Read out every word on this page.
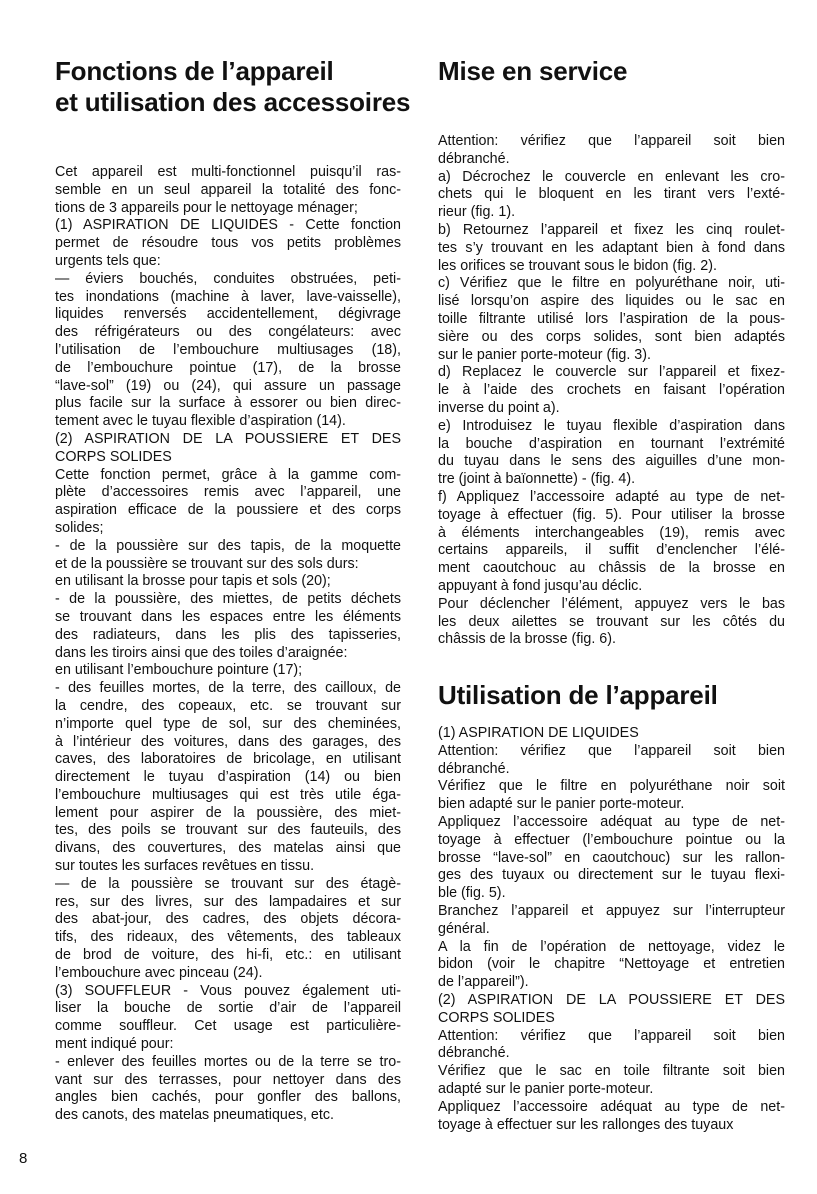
Fonctions de l’appareil
et utilisation des accessoires
Cet appareil est multi-fonctionnel puisqu’il ras-
semble en un seul appareil la totalité des fonc-
tions de 3 appareils pour le nettoyage ménager;
(1) ASPIRATION DE LIQUIDES - Cette fonction
permet de résoudre tous vos petits problèmes
urgents tels que:
— éviers bouchés, conduites obstruées, peti-
tes inondations (machine à laver, lave-vaisselle),
liquides renversés accidentellement, dégivrage
des réfrigérateurs ou des congélateurs: avec
l’utilisation de l’embouchure multiusages (18),
de l’embouchure pointue (17), de la brosse
“lave-sol” (19) ou (24), qui assure un passage
plus facile sur la surface à essorer ou bien direc-
tement avec le tuyau flexible d’aspiration (14).
(2) ASPIRATION DE LA POUSSIERE ET DES
CORPS SOLIDES
Cette fonction permet, grâce à la gamme com-
plète d’accessoires remis avec l’appareil, une
aspiration efficace de la poussiere et des corps
solides;
- de la poussière sur des tapis, de la moquette
et de la poussière se trouvant sur des sols durs:
en utilisant la brosse pour tapis et sols (20);
- de la poussière, des miettes, de petits déchets
se trouvant dans les espaces entre les éléments
des radiateurs, dans les plis des tapisseries,
dans les tiroirs ainsi que des toiles d’araignée:
en utilisant l’embouchure pointure (17);
- des feuilles mortes, de la terre, des cailloux, de
la cendre, des copeaux, etc. se trouvant sur
n’importe quel type de sol, sur des cheminées,
à l’intérieur des voitures, dans des garages, des
caves, des laboratoires de bricolage, en utilisant
directement le tuyau d’aspiration (14) ou bien
l’embouchure multiusages qui est très utile éga-
lement pour aspirer de la poussière, des miet-
tes, des poils se trouvant sur des fauteuils, des
divans, des couvertures, des matelas ainsi que
sur toutes les surfaces revêtues en tissu.
— de la poussière se trouvant sur des étagè-
res, sur des livres, sur des lampadaires et sur
des abat-jour, des cadres, des objets décora-
tifs, des rideaux, des vêtements, des tableaux
de brod de voiture, des hi-fi, etc.: en utilisant
l’embouchure avec pinceau (24).
(3) SOUFFLEUR - Vous pouvez également uti-
liser la bouche de sortie d’air de l’appareil
comme souffleur. Cet usage est particulière-
ment indiqué pour:
- enlever des feuilles mortes ou de la terre se tro-
vant sur des terrasses, pour nettoyer dans des
angles bien cachés, pour gonfler des ballons,
des canots, des matelas pneumatiques, etc.
Mise en service
Attention: vérifiez que l’appareil soit bien
débranché.
a) Décrochez le couvercle en enlevant les cro-
chets qui le bloquent en les tirant vers l’exté-
rieur (fig. 1).
b) Retournez l’appareil et fixez les cinq roulet-
tes s’y trouvant en les adaptant bien à fond dans
les orifices se trouvant sous le bidon (fig. 2).
c) Vérifiez que le filtre en polyuréthane noir, uti-
lisé lorsqu’on aspire des liquides ou le sac en
toille filtrante utilisé lors l’aspiration de la pous-
sière ou des corps solides, sont bien adaptés
sur le panier porte-moteur (fig. 3).
d) Replacez le couvercle sur l’appareil et fixez-
le à l’aide des crochets en faisant l’opération
inverse du point a).
e) Introduisez le tuyau flexible d’aspiration dans
la bouche d’aspiration en tournant l’extrémité
du tuyau dans le sens des aiguilles d’une mon-
tre (joint à baïonnette) - (fig. 4).
f) Appliquez l’accessoire adapté au type de net-
toyage à effectuer (fig. 5). Pour utiliser la brosse
à éléments interchangeables (19), remis avec
certains appareils, il suffit d’enclencher l’élé-
ment caoutchouc au châssis de la brosse en
appuyant à fond jusqu’au déclic.
Pour déclencher l’élément, appuyez vers le bas
les deux ailettes se trouvant sur les côtés du
châssis de la brosse (fig. 6).
Utilisation de l’appareil
(1) ASPIRATION DE LIQUIDES
Attention: vérifiez que l’appareil soit bien
débranché.
Vérifiez que le filtre en polyuréthane noir soit
bien adapté sur le panier porte-moteur.
Appliquez l’accessoire adéquat au type de net-
toyage à effectuer (l’embouchure pointue ou la
brosse “lave-sol” en caoutchouc) sur les rallon-
ges des tuyaux ou directement sur le tuyau flexi-
ble (fig. 5).
Branchez l’appareil et appuyez sur l’interrupteur
général.
A la fin de l’opération de nettoyage, videz le
bidon (voir le chapitre “Nettoyage et entretien
de l’appareil”).
(2) ASPIRATION DE LA POUSSIERE ET DES
CORPS SOLIDES
Attention: vérifiez que l’appareil soit bien
débranché.
Vérifiez que le sac en toile filtrante soit bien
adapté sur le panier porte-moteur.
Appliquez l’accessoire adéquat au type de net-
toyage à effectuer sur les rallonges des tuyaux
8
